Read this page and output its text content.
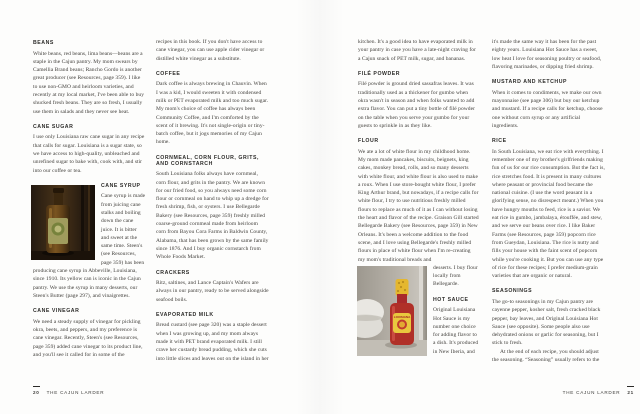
BEANS

White beans, red beans, lima beans—beans are a staple in the Cajun pantry. My mom swears by Camellia Brand beans; Rancho Gordo is another great producer (see Resources, page 359). I like to use non-GMO and heirloom varieties, and recently at my local market, I've been able to buy shucked fresh beans. They are so fresh, I usually use them in salads and they never see heat.

CANE SUGAR

I use only Louisiana raw cane sugar in any recipe that calls for sugar. Louisiana is a sugar state, so we have access to high-quality, unbleached and unrefined sugar to bake with, cook with, and stir into our coffee or tea.

CANE SYRUP

Cane syrup is made from juicing cane stalks and boiling down the cane juice. It is bitter and sweet at the same time. Steen's (see Resources, page 359) has been producing cane syrup in Abbeville, Louisiana, since 1910. Its yellow can is iconic in the Cajun pantry. We use the syrup in many desserts, our Steen's Butter (page 297), and vinaigrettes.

CANE VINEGAR

We need a steady supply of vinegar for pickling okra, beets, and peppers, and my preference is cane vinegar. Recently, Steen's (see Resources, page 359) added cane vinegar to its product line, and you'll see it called for in some of the

recipes in this book. If you don't have access to cane vinegar, you can use apple cider vinegar or distilled white vinegar as a substitute.

COFFEE

Dark coffee is always brewing in Chauvin. When I was a kid, I would sweeten it with condensed milk or PET evaporated milk and too much sugar. My mom's choice of coffee has always been Community Coffee, and I'm comforted by the scent of it brewing. It's not single-origin or tiny-batch coffee, but it jogs memories of my Cajun home.

CORNMEAL, CORN FLOUR, GRITS, AND CORNSTARCH

South Louisiana folks always have cornmeal, corn flour, and grits in the pantry. We are known for our fried food, so you always need some corn flour or cornmeal on hand to whip up a dredge for fresh shrimp, fish, or oysters. I use Bellegarde Bakery (see Resources, page 359) freshly milled coarse-ground cornmeal made from heirloom corn from Bayou Cora Farms in Baldwin County, Alabama, that has been grown by the same family since 1876. And I buy organic cornstarch from Whole Foods Market.

CRACKERS

Ritz, saltines, and Lance Captain's Wafers are always in our pantry, ready to be served alongside seafood boils.

EVAPORATED MILK

Bread custard (see page 320) was a staple dessert when I was growing up, and my mom always made it with PET brand evaporated milk. I still crave her custardy bread pudding, which she cuts into little slices and leaves out on the island in her

kitchen. It's a good idea to have evaporated milk in your pantry in case you have a late-night craving for a Cajun snack of PET milk, sugar, and bananas.

FILÉ POWDER

Filé powder is ground dried sassafras leaves. It was traditionally used as a thickener for gumbo when okra wasn't in season and when folks wanted to add extra flavor. You can put a tiny bottle of filé powder on the table when you serve your gumbo for your guests to sprinkle in as they like.

FLOUR

We ate a lot of white flour in my childhood home. My mom made pancakes, biscuits, beignets, king cakes, monkey bread, rolls, and so many desserts with white flour, and white flour is also used to make a roux. When I use store-bought white flour, I prefer King Arthur brand, but nowadays, if a recipe calls for white flour, I try to use nutritious freshly milled flours to replace as much of it as I can without losing the heart and flavor of the recipe. Graison Gill started Bellegarde Bakery (see Resources, page 359) in New Orleans. It's been a welcome addition to the food scene, and I love using Bellegarde's freshly milled flours in place of white flour when I'm re-creating my mom's traditional breads and

LOUISIANA

desserts. I buy flour locally from Bellegarde.

HOT SAUCE

Original Louisiana Hot Sauce is my number one choice for adding flavor to a dish. It's produced in New Iberia, and

it's made the same way it has been for the past eighty years. Louisiana Hot Sauce has a sweet, low heat I love for seasoning poultry or seafood, flavoring marinades, or dipping fried shrimp.

MUSTARD AND KETCHUP

When it comes to condiments, we make our own mayonnaise (see page 306) but buy our ketchup and mustard. If a recipe calls for ketchup, choose one without corn syrup or any artificial ingredients.

RICE

In South Louisiana, we eat rice with everything. I remember one of my brother's girlfriends making fun of us for our rice consumption. But the fact is, rice stretches food. It is present in many cultures where peasant or provincial food became the national cuisine. (I use the word peasant in a glorifying sense, no disrespect meant.) When you have hungry mouths to feed, rice is a savior. We eat rice in gumbo, jambalaya, étouffée, and stew, and we serve our beans over rice. I like Baker Farms (see Resources, page 359) popcorn rice from Gueydan, Louisiana. The rice is nutty and fills your house with the faint scent of popcorn while you're cooking it. But you can use any type of rice for these recipes; I prefer medium-grain varieties that are organic or natural.

SEASONINGS

The go-to seasonings in my Cajun pantry are cayenne pepper, kosher salt, fresh cracked black pepper, bay leaves, and Original Louisiana Hot Sauce (see opposite). Some people also use dehydrated onions or garlic for seasoning, but I stick to fresh.

At the end of each recipe, you should adjust the seasoning. “Seasoning” usually refers to the

20 THE CAJUN LARDER	THE CAJUN LARDER 21
